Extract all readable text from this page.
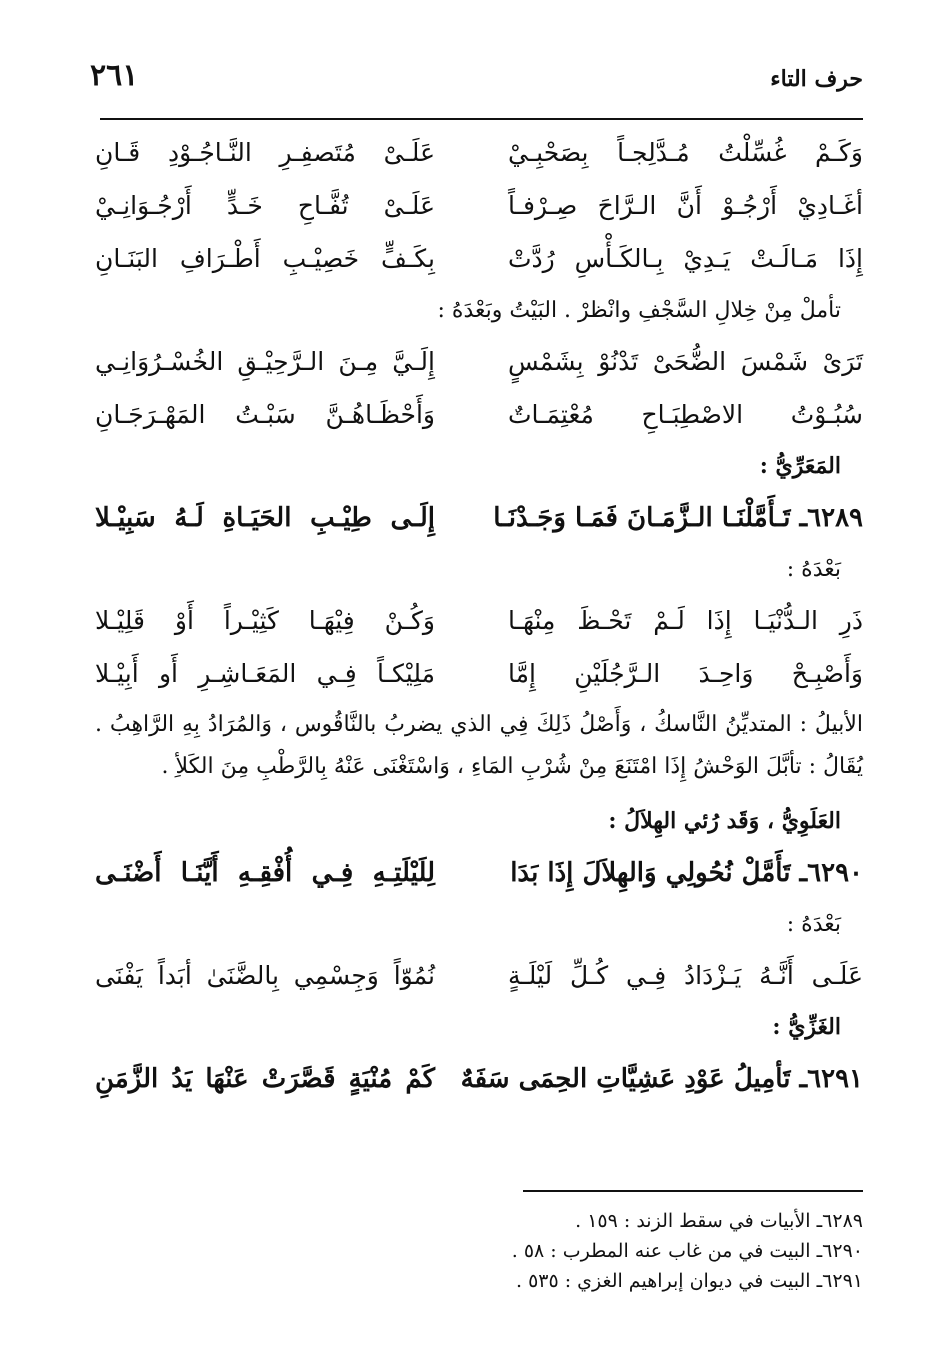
حرف التاء
٢٦١
وَكَـمْ غُسِّلْتُ مُـدَّلِجـاً بِصَحْبِـيْ
عَلَـىْ مُتَصفِـرِ النَّـاجُـوْدِ قَـانِ
أغَـادِيْ أَرْجُـوْ أَنَّ الـرَّاحَ صِـرْفـاً
عَلَـىْ تُفَّـاحِ خَـدٍّ أَرْجُـوَانِـيْ
إِذَا مَـالَـتْ يَـدِيْ بِـالكَـأْسِ رُدَّتْ
بِكَـفٍّ خَصِيْـبِ أَطْـرَافِ البَنَـانِ
تأملْ مِنْ خِلالِ السَّجْفِ وانْظرْ . البَيْتُ وبَعْدَهُ :
تَرَىْ شَمْسَ الضُّحَىْ تَدْنُوْ بِشَمْسٍ
إِلَـيَّ مِـنَ الـرَّحِيْـقِ الخُسْـرُوَانِـي
سُبُـوْتُ الاصْطِبَـاحِ مُعْتِمَـاتٌ
وَأَحْظَـاهُـنَّ سَبْـتُ المَهْـرَجَـانِ
المَعَرِّيُّ :
٦٢٨٩ـ تَـأَمَّلْنَـا الـزَّمَـانَ فَمَـا وَجَـدْنَـا
إِلَـى طِيْـبِ الحَيَـاةِ لَـهُ سَبِيْـلا
بَعْدَهُ :
ذَرِ الـدُّنْيَـا إِذَا لَـمْ تَحْـظَ مِنْهَـا
وَكُـنْ فِيْهَـا كَثِيْـراً أَوْ قَلِيْـلا
وَأَصْبِـحْ وَاحِـدَ الـرَّجُلَيْنِ إِمَّا
مَلِيْكـاً فِـي المَعَـاشِـرِ أَو أَبِيْـلا
الأبيلُ : المتديِّنُ النَّاسكُ ، وَأَصْلُ ذَلِكَ فِي الذي يضربُ بالنَّاقُوس ، وَالمُرَادُ بِهِ الرَّاهِبُ . يُقَالُ : تأبَّلَ الوَحْشُ إِذَا امْتَنَعَ مِنْ شُرْبِ المَاءِ ، وَاسْتَغْنَى عَنْهُ بِالرَّطْبِ مِنَ الكَلأِ .
العَلَوِيُّ ، وَقَد رُئي الهِلاَلُ :
٦٢٩٠ـ تَأَمَّلْ نُحُولِي وَالهِلاَلَ إِذَا بَدَا
لِلَيْلَتِـهِ فِـي أُفْقِـهِ أَيَّنَـا أَضْنَـى
بَعْدَهُ :
عَلَـى أَنَّـهُ يَـزْدَادُ فِـي كُـلِّ لَيْلَـةٍ
نُمُوّاً وَجِسْمِي بِالضَّنَىٰ أبَداً يَفْنَى
الغَزِّيُّ :
٦٢٩١ـ تَأمِيلُ عَوْدِ عَشِيَّاتِ الحِمَى سَفَهٌ
كَمْ مُنْيَةٍ قَصَّرَتْ عَنْهَا يَدُ الزَّمَنِ
٦٢٨٩ـ الأبيات في سقط الزند : ١٥٩ .
٦٢٩٠ـ البيت في من غاب عنه المطرب : ٥٨ .
٦٢٩١ـ البيت في ديوان إبراهيم الغزي : ٥٣٥ .
